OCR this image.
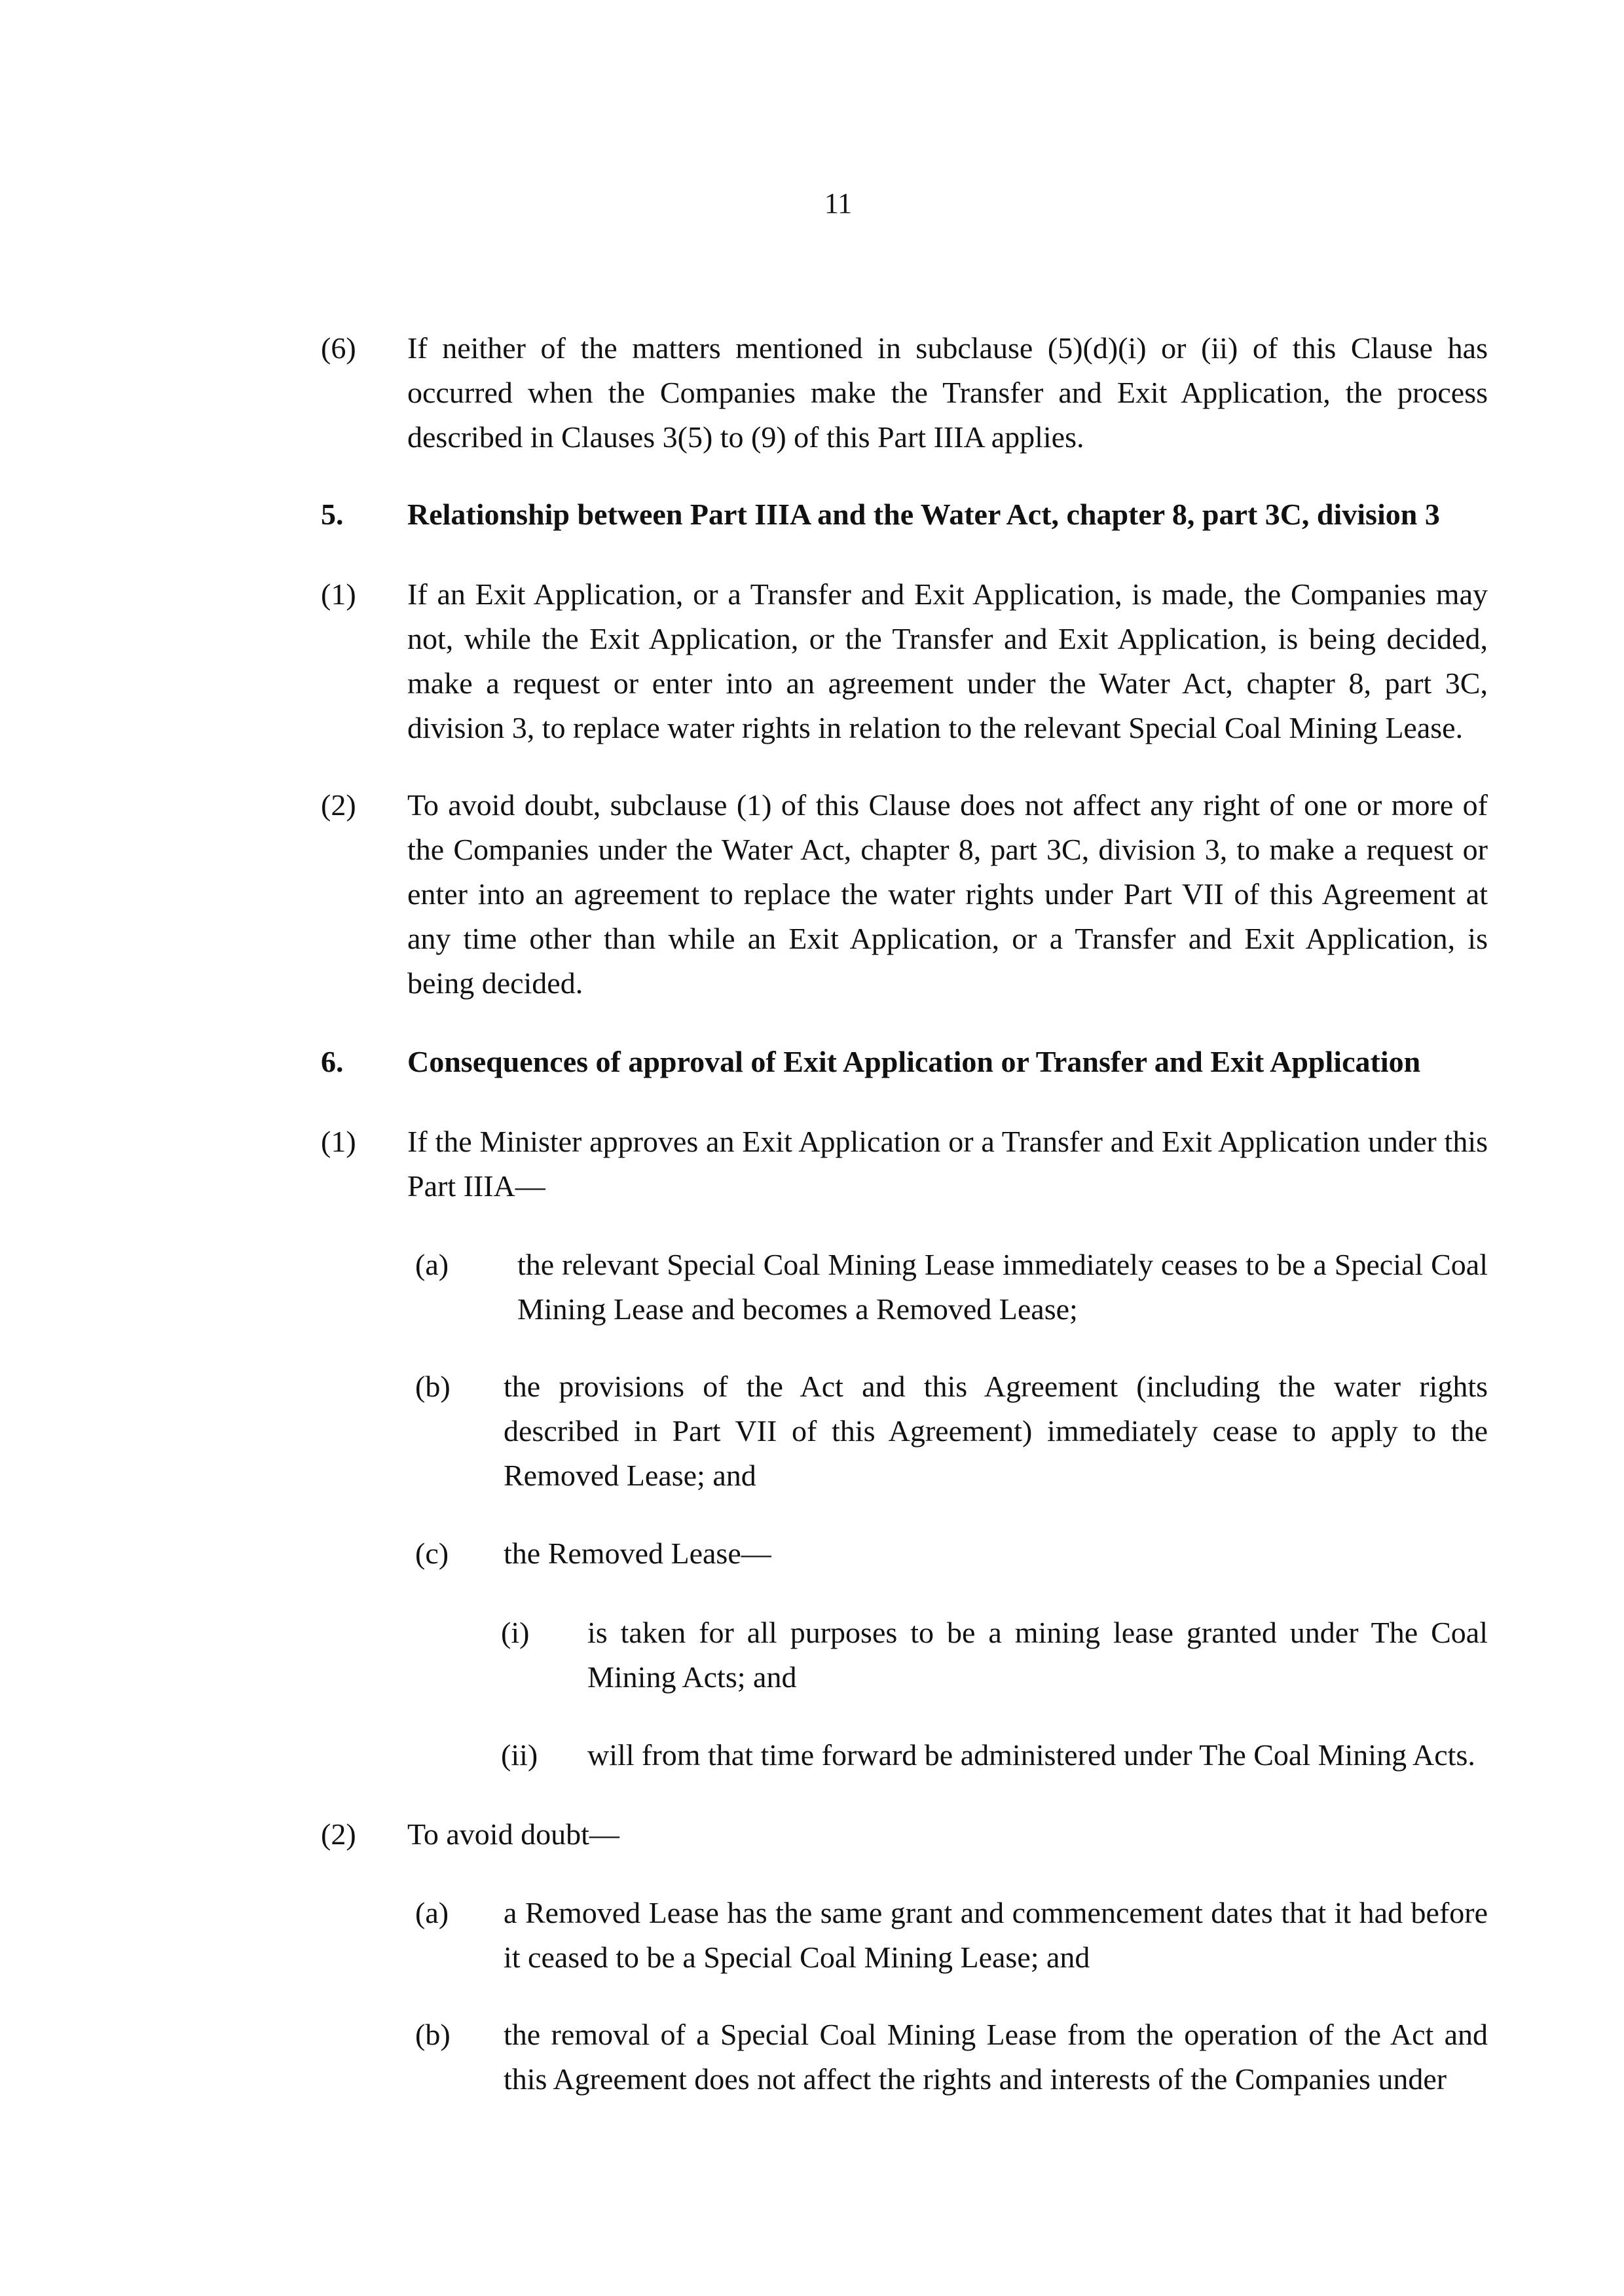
11
(6) If neither of the matters mentioned in subclause (5)(d)(i) or (ii) of this Clause has occurred when the Companies make the Transfer and Exit Application, the process described in Clauses 3(5) to (9) of this Part IIIA applies.
5. Relationship between Part IIIA and the Water Act, chapter 8, part 3C, division 3
(1) If an Exit Application, or a Transfer and Exit Application, is made, the Companies may not, while the Exit Application, or the Transfer and Exit Application, is being decided, make a request or enter into an agreement under the Water Act, chapter 8, part 3C, division 3, to replace water rights in relation to the relevant Special Coal Mining Lease.
(2) To avoid doubt, subclause (1) of this Clause does not affect any right of one or more of the Companies under the Water Act, chapter 8, part 3C, division 3, to make a request or enter into an agreement to replace the water rights under Part VII of this Agreement at any time other than while an Exit Application, or a Transfer and Exit Application, is being decided.
6. Consequences of approval of Exit Application or Transfer and Exit Application
(1) If the Minister approves an Exit Application or a Transfer and Exit Application under this Part IIIA—
(a) the relevant Special Coal Mining Lease immediately ceases to be a Special Coal Mining Lease and becomes a Removed Lease;
(b) the provisions of the Act and this Agreement (including the water rights described in Part VII of this Agreement) immediately cease to apply to the Removed Lease; and
(c) the Removed Lease—
(i) is taken for all purposes to be a mining lease granted under The Coal Mining Acts; and
(ii) will from that time forward be administered under The Coal Mining Acts.
(2) To avoid doubt—
(a) a Removed Lease has the same grant and commencement dates that it had before it ceased to be a Special Coal Mining Lease; and
(b) the removal of a Special Coal Mining Lease from the operation of the Act and this Agreement does not affect the rights and interests of the Companies under
